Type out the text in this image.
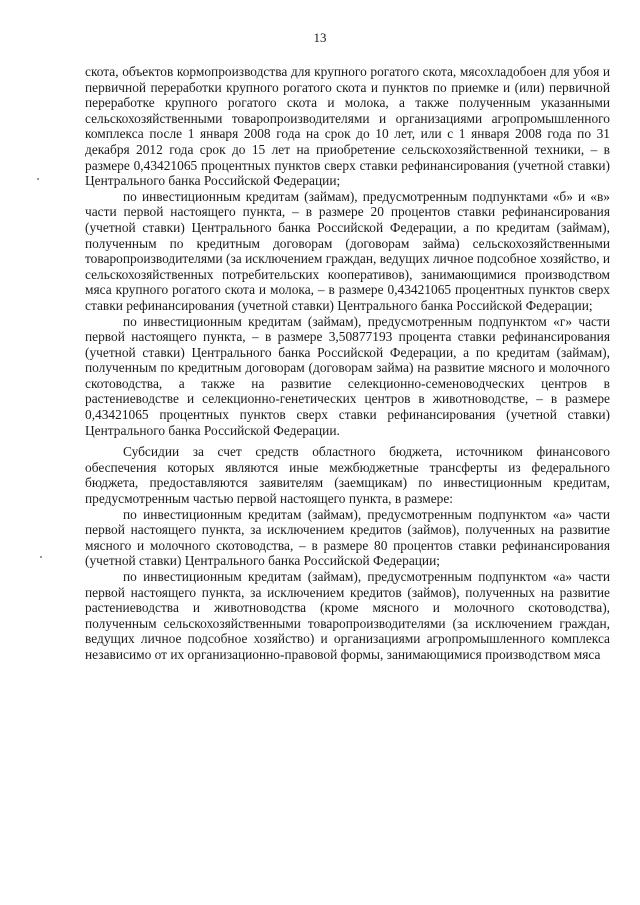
13

скота, объектов кормопроизводства для крупного рогатого скота, мясохладобоен для убоя и первичной переработки крупного рогатого скота и пунктов по приемке и (или) первичной переработке крупного рогатого скота и молока, а также полученным указанными сельскохозяйственными товаропроизводителями и организациями агропромышленного комплекса после 1 января 2008 года на срок до 10 лет, или с 1 января 2008 года по 31 декабря 2012 года срок до 15 лет на приобретение сельскохозяйственной техники, – в размере 0,43421065 процентных пунктов сверх ставки рефинансирования (учетной ставки) Центрального банка Российской Федерации;

по инвестиционным кредитам (займам), предусмотренным подпунктами «б» и «в» части первой настоящего пункта, – в размере 20 процентов ставки рефинансирования (учетной ставки) Центрального банка Российской Федерации, а по кредитам (займам), полученным по кредитным договорам (договорам займа) сельскохозяйственными товаропроизводителями (за исключением граждан, ведущих личное подсобное хозяйство, и сельскохозяйственных потребительских кооперативов), занимающимися производством мяса крупного рогатого скота и молока, – в размере 0,43421065 процентных пунктов сверх ставки рефинансирования (учетной ставки) Центрального банка Российской Федерации;

по инвестиционным кредитам (займам), предусмотренным подпунктом «г» части первой настоящего пункта, – в размере 3,50877193 процента ставки рефинансирования (учетной ставки) Центрального банка Российской Федерации, а по кредитам (займам), полученным по кредитным договорам (договорам займа) на развитие мясного и молочного скотоводства, а также на развитие селекционно-семеноводческих центров в растениеводстве и селекционно-генетических центров в животноводстве, – в размере 0,43421065 процентных пунктов сверх ставки рефинансирования (учетной ставки) Центрального банка Российской Федерации.

Субсидии за счет средств областного бюджета, источником финансового обеспечения которых являются иные межбюджетные трансферты из федерального бюджета, предоставляются заявителям (заемщикам) по инвестиционным кредитам, предусмотренным частью первой настоящего пункта, в размере:

по инвестиционным кредитам (займам), предусмотренным подпунктом «а» части первой настоящего пункта, за исключением кредитов (займов), полученных на развитие мясного и молочного скотоводства, – в размере 80 процентов ставки рефинансирования (учетной ставки) Центрального банка Российской Федерации;

по инвестиционным кредитам (займам), предусмотренным подпунктом «а» части первой настоящего пункта, за исключением кредитов (займов), полученных на развитие растениеводства и животноводства (кроме мясного и молочного скотоводства), полученным сельскохозяйственными товаропроизводителями (за исключением граждан, ведущих личное подсобное хозяйство) и организациями агропромышленного комплекса независимо от их организационно-правовой формы, занимающимися производством мяса
